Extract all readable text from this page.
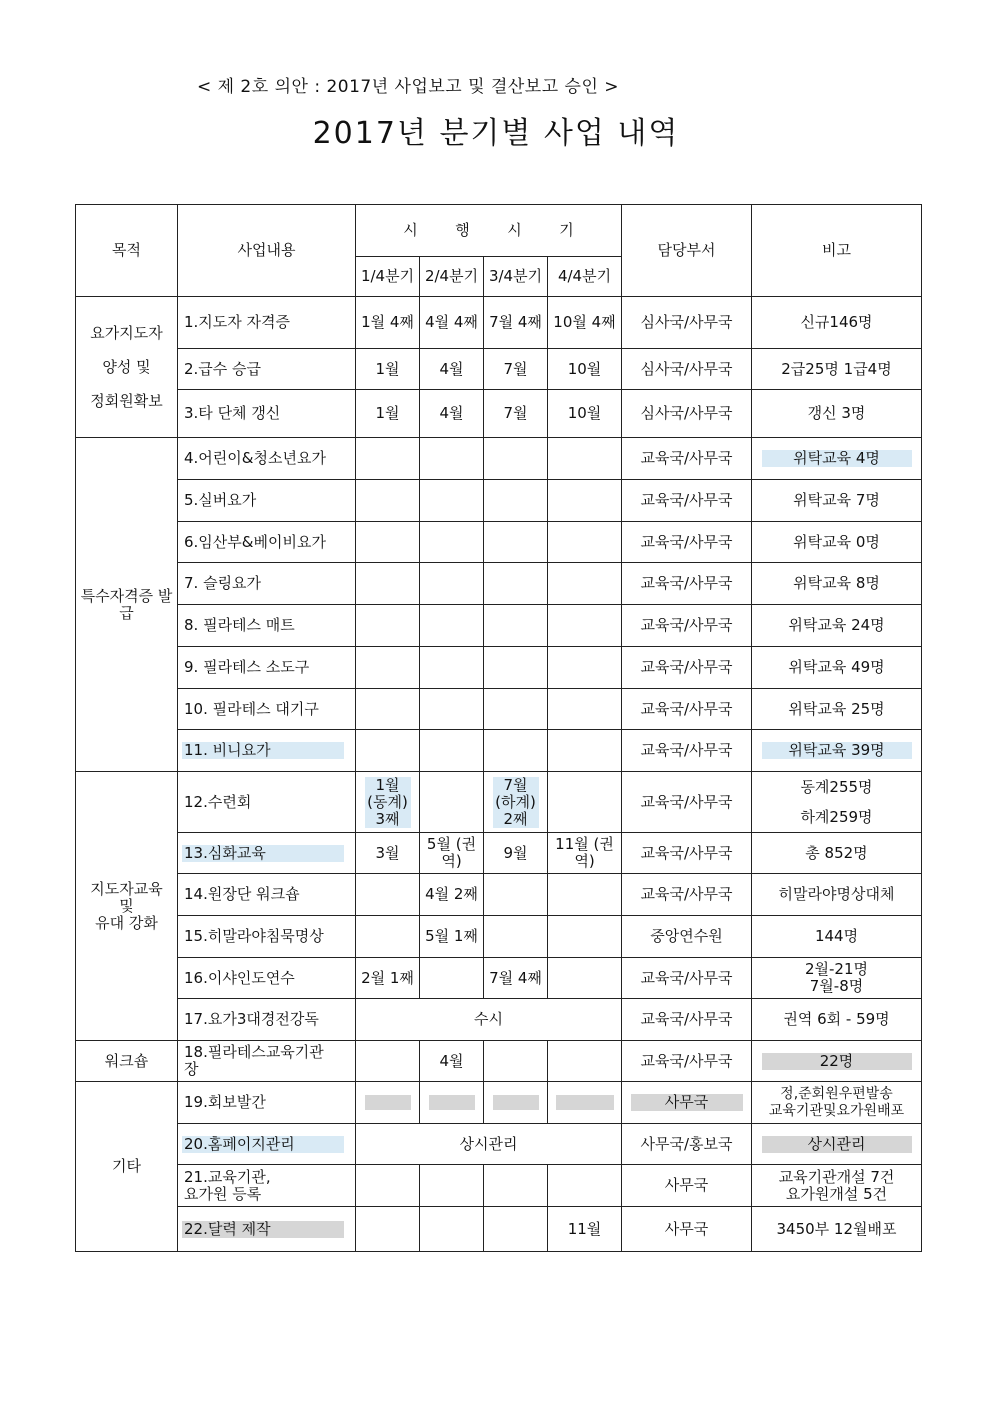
< 제 2호 의안 : 2017년 사업보고 및 결산보고 승인 >
2017년 분기별 사업 내역
목적	사업내용	시 행 시 기				담당부서	비고
		1/4분기	2/4분기	3/4분기	4/4분기		
요가지도자
양성 및
정회원확보	1.지도자 자격증	1월 4째	4월 4째	7월 4째	10월 4째	심사국/사무국	신규146명
	2.급수 승급	1월	4월	7월	10월	심사국/사무국	2급25명 1급4명
	3.타 단체 갱신	1월	4월	7월	10월	심사국/사무국	갱신 3명
특수자격증 발급	4.어린이&청소년요가					교육국/사무국	위탁교육 4명
	5.실버요가					교육국/사무국	위탁교육 7명
	6.임산부&베이비요가					교육국/사무국	위탁교육 0명
	7. 슬링요가					교육국/사무국	위탁교육 8명
	8. 필라테스 매트					교육국/사무국	위탁교육 24명
	9. 필라테스 소도구					교육국/사무국	위탁교육 49명
	10. 필라테스 대기구					교육국/사무국	위탁교육 25명
	11. 비니요가					교육국/사무국	위탁교육 39명
지도자교육
및
유대 강화	12.수련회	1월 (동계) 3째		7월 (하계) 2째		교육국/사무국	동계255명
하계259명
	13.심화교육	3월	5월 (권역)	9월	11월 (권역)	교육국/사무국	총 852명
	14.원장단 워크숍		4월 2째			교육국/사무국	히말라야명상대체
	15.히말라야침묵명상		5월 1째			중앙연수원	144명
	16.이샤인도연수	2월 1째		7월 4째		교육국/사무국	2월-21명
7월-8명
	17.요가3대경전강독	수시				교육국/사무국	권역 6회 - 59명
워크숍	18.필라테스교육기관
장		4월			교육국/사무국	22명
기타	19.회보발간					사무국	정,준회원우편발송
교육기관및요가원배포
	20.홈페이지관리	상시관리				사무국/홍보국	상시관리
	21.교육기관,
요가원 등록					사무국	교육기관개설 7건
요가원개설 5건
	22.달력 제작				11월	사무국	3450부 12월배포
